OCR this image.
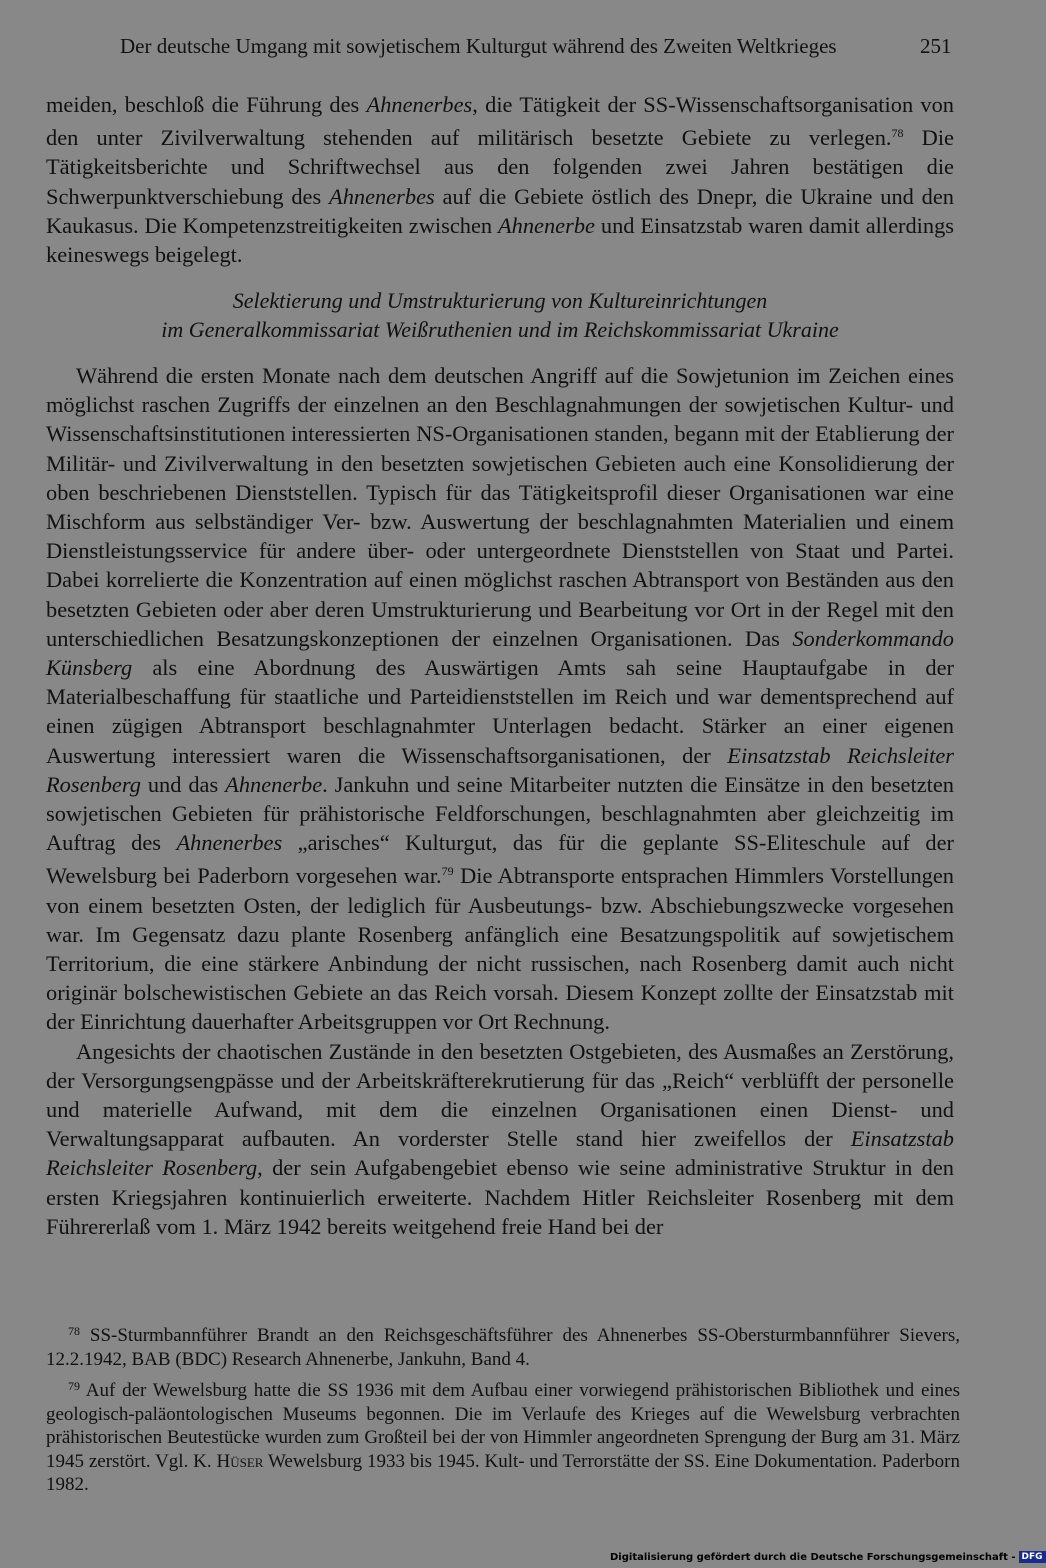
Der deutsche Umgang mit sowjetischem Kulturgut während des Zweiten Weltkrieges	251

meiden, beschloß die Führung des Ahnenerbes, die Tätigkeit der SS-Wissenschaftsorganisation von den unter Zivilverwaltung stehenden auf militärisch besetzte Gebiete zu verlegen.$^{78}$ Die Tätigkeitsberichte und Schriftwechsel aus den folgenden zwei Jahren bestätigen die Schwerpunktverschiebung des Ahnenerbes auf die Gebiete östlich des Dnepr, die Ukraine und den Kaukasus. Die Kompetenzstreitigkeiten zwischen Ahnenerbe und Einsatzstab waren damit allerdings keineswegs beigelegt.

Selektierung und Umstrukturierung von Kultureinrichtungen
im Generalkommissariat Weißruthenien und im Reichskommissariat Ukraine

Während die ersten Monate nach dem deutschen Angriff auf die Sowjetunion im Zeichen eines möglichst raschen Zugriffs der einzelnen an den Beschlagnahmungen der sowjetischen Kultur- und Wissenschaftsinstitutionen interessierten NS-Organisationen standen, begann mit der Etablierung der Militär- und Zivilverwaltung in den besetzten sowjetischen Gebieten auch eine Konsolidierung der oben beschriebenen Dienststellen. Typisch für das Tätigkeitsprofil dieser Organisationen war eine Mischform aus selbständiger Ver- bzw. Auswertung der beschlagnahmten Materialien und einem Dienstleistungsservice für andere über- oder untergeordnete Dienststellen von Staat und Partei. Dabei korrelierte die Konzentration auf einen möglichst raschen Abtransport von Beständen aus den besetzten Gebieten oder aber deren Umstrukturierung und Bearbeitung vor Ort in der Regel mit den unterschiedlichen Besatzungskonzeptionen der einzelnen Organisationen. Das Sonderkommando Künsberg als eine Abordnung des Auswärtigen Amts sah seine Hauptaufgabe in der Materialbeschaffung für staatliche und Parteidienststellen im Reich und war dementsprechend auf einen zügigen Abtransport beschlagnahmter Unterlagen bedacht. Stärker an einer eigenen Auswertung interessiert waren die Wissenschaftsorganisationen, der Einsatzstab Reichsleiter Rosenberg und das Ahnenerbe. Jankuhn und seine Mitarbeiter nutzten die Einsätze in den besetzten sowjetischen Gebieten für prähistorische Feldforschungen, beschlagnahmten aber gleichzeitig im Auftrag des Ahnenerbes „arisches“ Kulturgut, das für die geplante SS-Eliteschule auf der Wewelsburg bei Paderborn vorgesehen war.$^{79}$ Die Abtransporte entsprachen Himmlers Vorstellungen von einem besetzten Osten, der lediglich für Ausbeutungs- bzw. Abschiebungszwecke vorgesehen war. Im Gegensatz dazu plante Rosenberg anfänglich eine Besatzungspolitik auf sowjetischem Territorium, die eine stärkere Anbindung der nicht russischen, nach Rosenberg damit auch nicht originär bolschewistischen Gebiete an das Reich vorsah. Diesem Konzept zollte der Einsatzstab mit der Einrichtung dauerhafter Arbeitsgruppen vor Ort Rechnung.

Angesichts der chaotischen Zustände in den besetzten Ostgebieten, des Ausmaßes an Zerstörung, der Versorgungsengpässe und der Arbeitskräfterekrutierung für das „Reich“ verblüfft der personelle und materielle Aufwand, mit dem die einzelnen Organisationen einen Dienst- und Verwaltungsapparat aufbauten. An vorderster Stelle stand hier zweifellos der Einsatzstab Reichsleiter Rosenberg, der sein Aufgabengebiet ebenso wie seine administrative Struktur in den ersten Kriegsjahren kontinuierlich erweiterte. Nachdem Hitler Reichsleiter Rosenberg mit dem Führererlaß vom 1. März 1942 bereits weitgehend freie Hand bei der

$^{78}$ SS-Sturmbannführer Brandt an den Reichsgeschäftsführer des Ahnenerbes SS-Obersturmbannführer Sievers, 12.2.1942, BAB (BDC) Research Ahnenerbe, Jankuhn, Band 4.

$^{79}$ Auf der Wewelsburg hatte die SS 1936 mit dem Aufbau einer vorwiegend prähistorischen Bibliothek und eines geologisch-paläontologischen Museums begonnen. Die im Verlaufe des Krieges auf die Wewelsburg verbrachten prähistorischen Beutestücke wurden zum Großteil bei der von Himmler angeordneten Sprengung der Burg am 31. März 1945 zerstört. Vgl. K. Hüser Wewelsburg 1933 bis 1945. Kult- und Terrorstätte der SS. Eine Dokumentation. Paderborn 1982.

Digitalisierung gefördert durch die Deutsche Forschungsgemeinschaft - DFG
